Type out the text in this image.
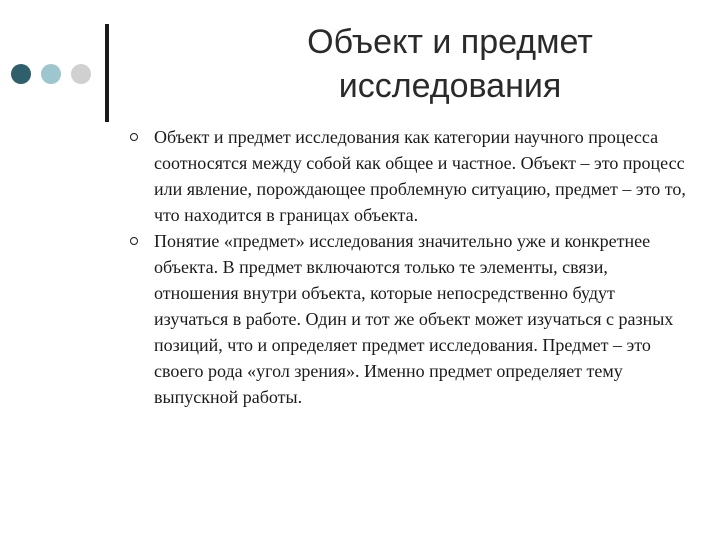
Объект и предмет
исследования
Объект и предмет исследования как категории научного процесса соотносятся между собой как общее и частное. Объект – это процесс или явление, порождающее проблемную ситуацию, предмет – это то, что находится в границах объекта.
Понятие «предмет» исследования значительно уже и конкретнее объекта. В предмет включаются только те элементы, связи, отношения внутри объекта, которые непосредственно будут изучаться в работе. Один и тот же объект может изучаться с разных позиций, что и определяет предмет исследования. Предмет – это своего рода «угол зрения». Именно предмет определяет тему выпускной работы.
